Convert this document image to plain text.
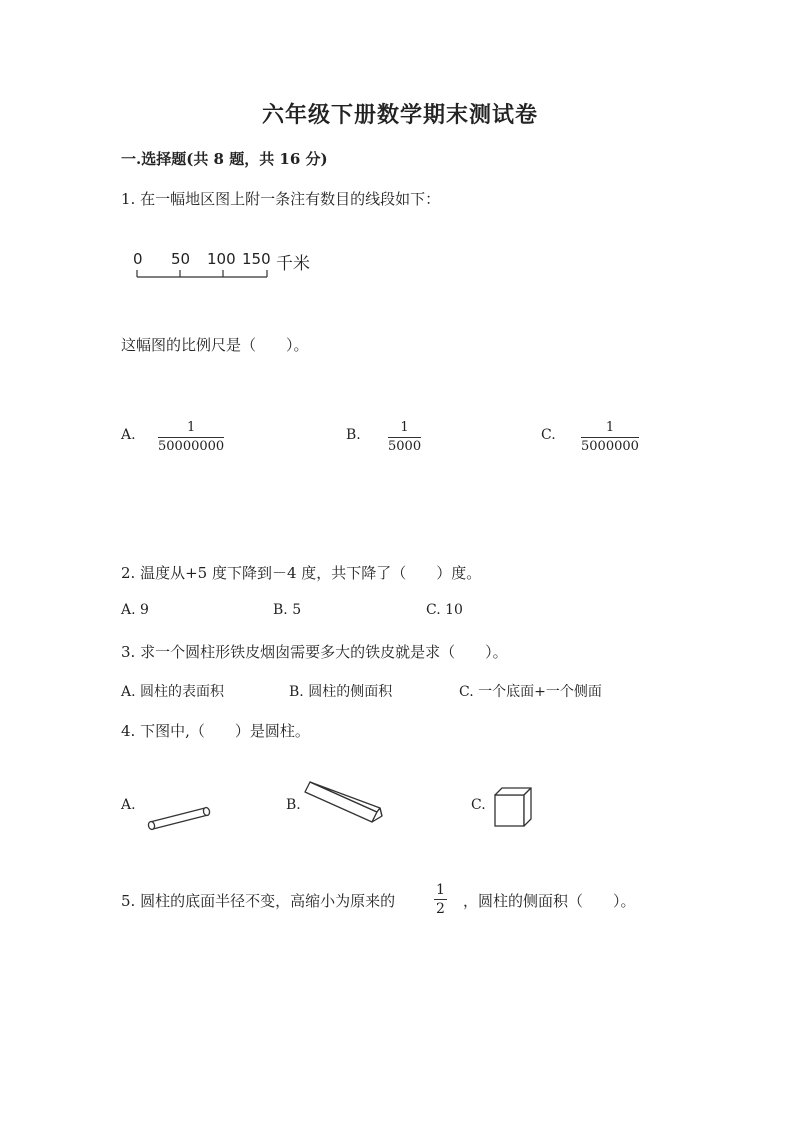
六年级下册数学期末测试卷
一.选择题(共 8 题，共 16 分)
1. 在一幅地区图上附一条注有数目的线段如下：
0 50 100 150 千米
这幅图的比例尺是（　　）。
A.	1
50000000
B.	1
5000
C.	1
5000000
2. 温度从+5 度下降到－4 度，共下降了（　　）度。
A. 9	B. 5	C. 10
3. 求一个圆柱形铁皮烟囱需要多大的铁皮就是求（　　）。
A. 圆柱的表面积	B. 圆柱的侧面积	C. 一个底面+一个侧面
4. 下图中,（　　）是圆柱。
A.	B.	C.
5. 圆柱的底面半径不变，高缩小为原来的
1
2 ，圆柱的侧面积（　　）。
